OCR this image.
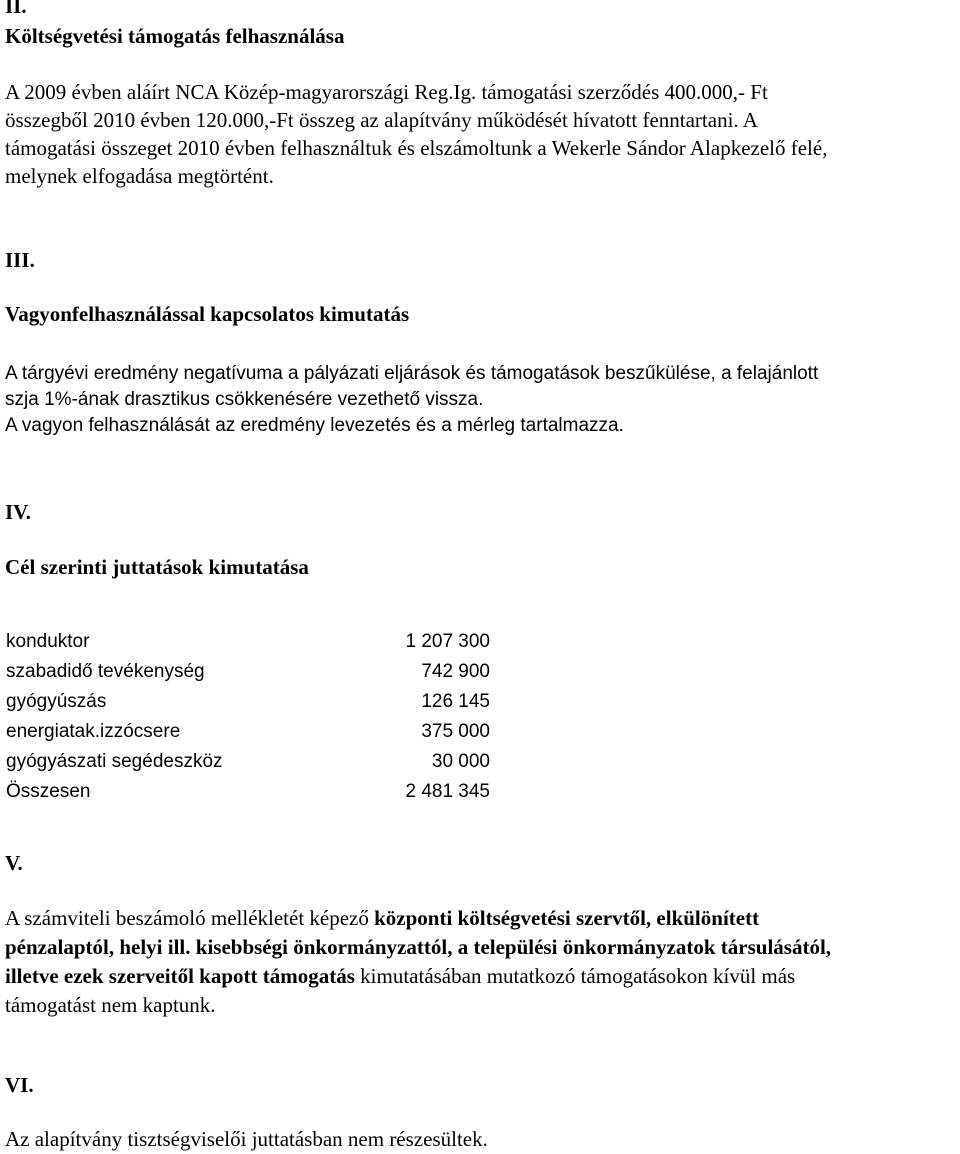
II.
Költségvetési támogatás felhasználása
A 2009 évben aláírt NCA Közép-magyarországi Reg.Ig. támogatási szerződés 400.000,- Ft
összegből 2010 évben 120.000,-Ft összeg az alapítvány működését hívatott fenntartani. A
támogatási összeget 2010 évben felhasználtuk és elszámoltunk a Wekerle Sándor Alapkezelő felé,
melynek elfogadása megtörtént.
III.
Vagyonfelhasználással kapcsolatos kimutatás
A tárgyévi eredmény negatívuma a pályázati eljárások és támogatások beszűkülése, a felajánlott
szja 1%-ának drasztikus csökkenésére vezethető vissza.
A vagyon felhasználását az eredmény levezetés és a mérleg tartalmazza.
IV.
Cél szerinti juttatások kimutatása
konduktor	1 207 300
szabadidő tevékenység	742 900
gyógyúszás	126 145
energiatak.izzócsere	375 000
gyógyászati segédeszköz	30 000
Összesen	2 481 345
V.
A számviteli beszámoló mellékletét képező központi költségvetési szervtől, elkülönített
pénzalaptól, helyi ill. kisebbségi önkormányzattól, a települési önkormányzatok társulásától,
illetve ezek szerveitől kapott támogatás kimutatásában mutatkozó támogatásokon kívül más
támogatást nem kaptunk.
VI.
Az alapítvány tisztségviselői juttatásban nem részesültek.
